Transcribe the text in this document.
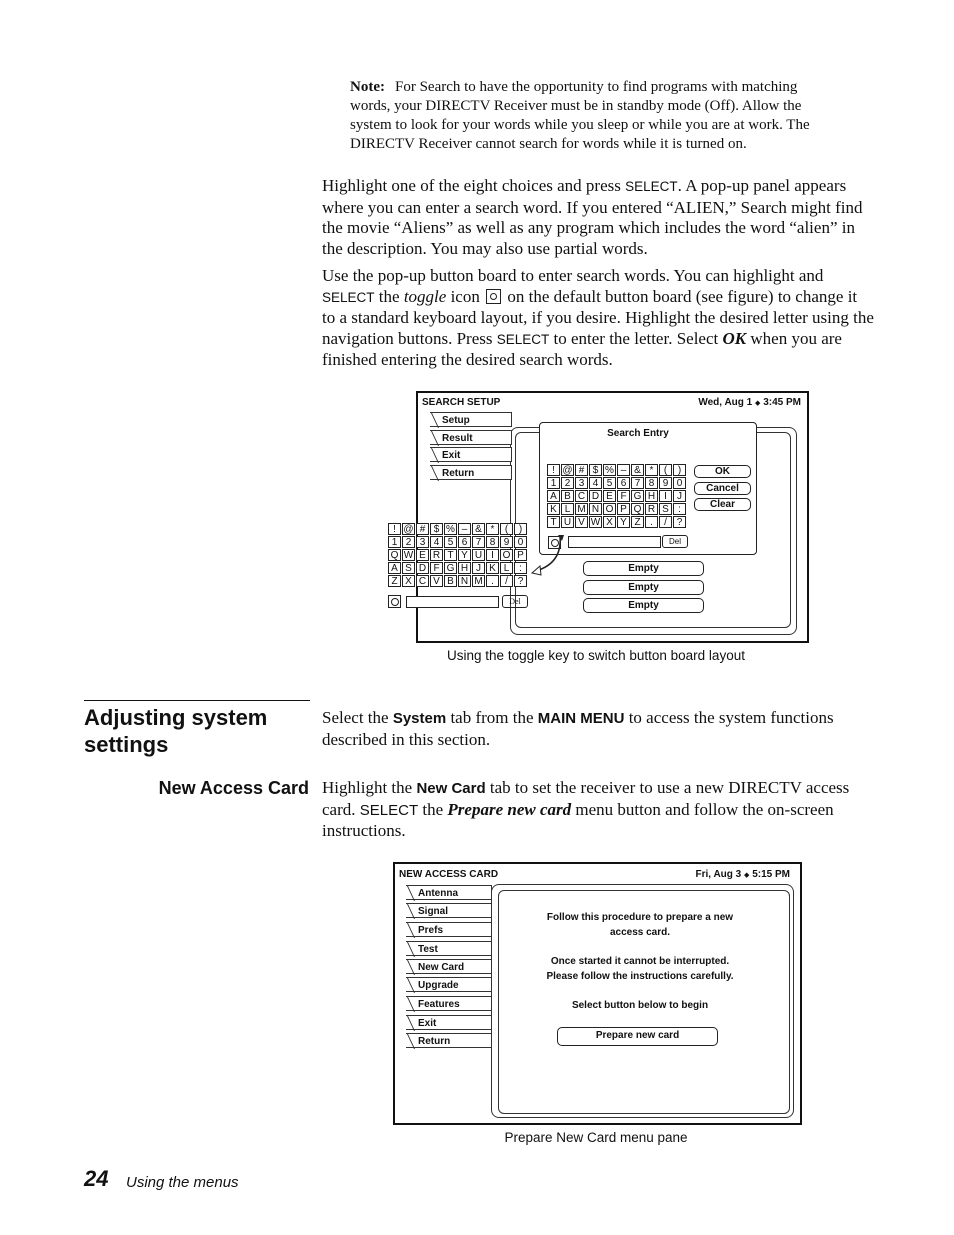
Note: For Search to have the opportunity to find programs with matching words, your DIRECTV Receiver must be in standby mode (Off). Allow the system to look for your words while you sleep or while you are at work. The DIRECTV Receiver cannot search for words while it is turned on.
Highlight one of the eight choices and press SELECT. A pop-up panel appears where you can enter a search word. If you entered “ALIEN,” Search might find the movie “Aliens” as well as any program which includes the word “alien” in the description. You may also use partial words.
Use the pop-up button board to enter search words. You can highlight and SELECT the toggle icon  on the default button board (see figure) to change it to a standard keyboard layout, if you desire. Highlight the desired letter using the navigation buttons. Press SELECT to enter the letter. Select OK when you are finished entering the desired search words.
SEARCH SETUP	Wed, Aug 1 ◆ 3:45 PM
Setup
Result
Exit
Return
Empty
Empty
Empty
Search Entry
! @ # $ % – & *	(	)
1 2 3 4 5 6 7 8 9 0
A B C D E F G H I	J
K L M N O P Q R S :
T U V W X Y Z .	/ ?
OK
Cancel
Clear
Del
! @ # $ % – & *	(	)
1 2 3 4 5 6 7 8 9 0
Q W E R T Y U I O P
A S D F G H J K L :
Z X C V B N M .	/ ?
Del
Using the toggle key to switch button board layout
Adjusting system settings
Select the System tab from the MAIN MENU to access the system functions described in this section.
New Access Card Highlight the New Card tab to set the receiver to use a new DIRECTV access card. SELECT the Prepare new card menu button and follow the on-screen instructions.
NEW ACCESS CARD	Fri, Aug 3 ◆ 5:15 PM
Antenna
Signal
Prefs
Test
New Card
Upgrade
Features
Exit
Return
Follow this procedure to prepare a new
access card.
Once started it cannot be interrupted.
Please follow the instructions carefully.
Select button below to begin
Prepare new card
Prepare New Card menu pane
24 Using the menus
